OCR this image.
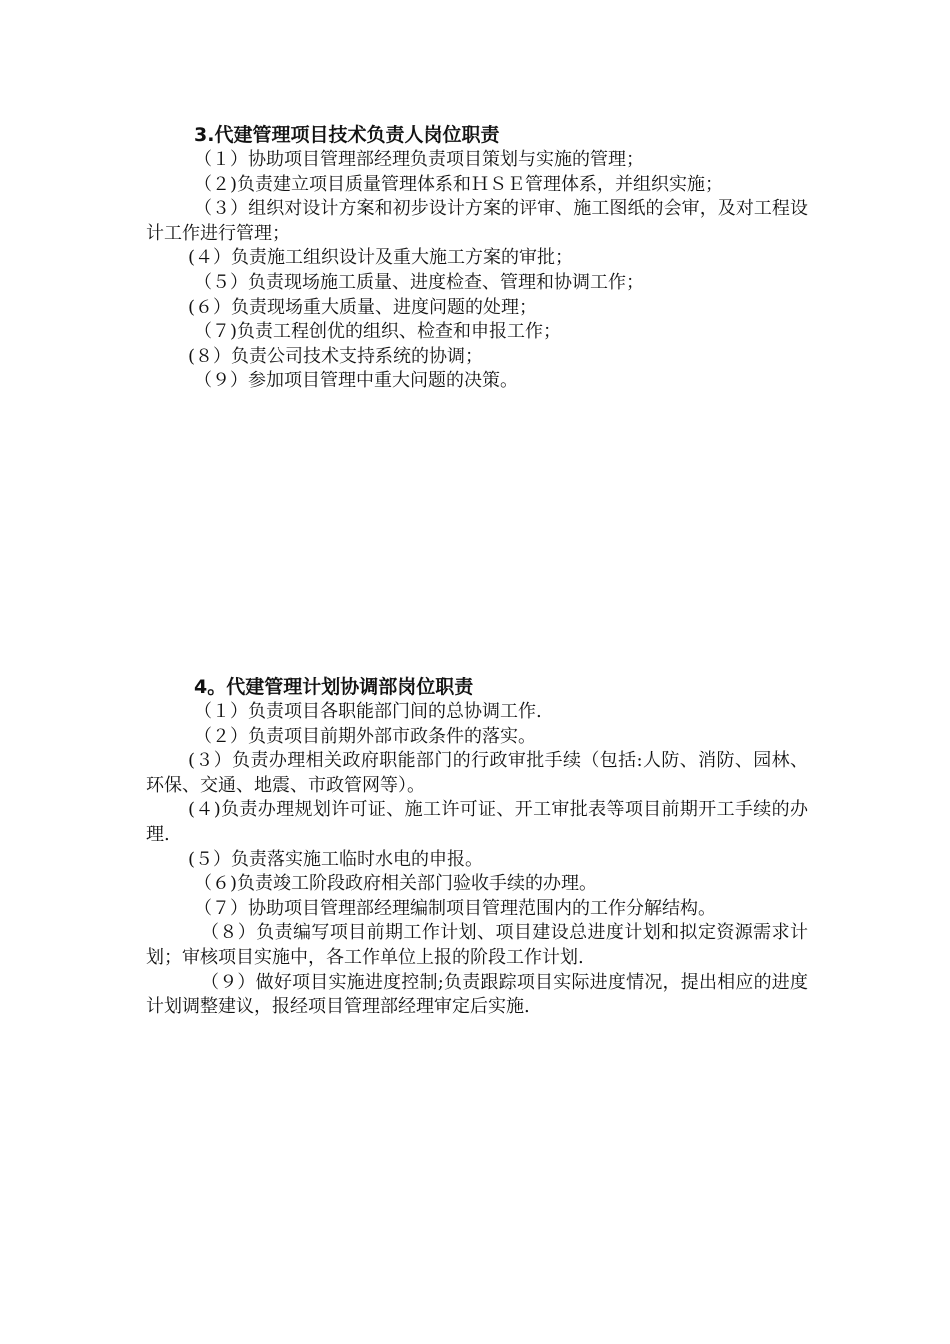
3.代建管理项目技术负责人岗位职责

（１）协助项目管理部经理负责项目策划与实施的管理；

（２)负责建立项目质量管理体系和ＨＳＥ管理体系，并组织实施；

（３）组织对设计方案和初步设计方案的评审、施工图纸的会审，及对工程设计工作进行管理；

(４）负责施工组织设计及重大施工方案的审批；

（５）负责现场施工质量、进度检查、管理和协调工作；

(６）负责现场重大质量、进度问题的处理；

（７)负责工程创优的组织、检查和申报工作；

(８）负责公司技术支持系统的协调；

（９）参加项目管理中重大问题的决策。

4。代建管理计划协调部岗位职责

（１）负责项目各职能部门间的总协调工作.

（２）负责项目前期外部市政条件的落实。

(３）负责办理相关政府职能部门的行政审批手续（包括:人防、消防、园林、环保、交通、地震、市政管网等）。

(４)负责办理规划许可证、施工许可证、开工审批表等项目前期开工手续的办理.

(５）负责落实施工临时水电的申报。

（６)负责竣工阶段政府相关部门验收手续的办理。

（７）协助项目管理部经理编制项目管理范围内的工作分解结构。

（８）负责编写项目前期工作计划、项目建设总进度计划和拟定资源需求计划；审核项目实施中，各工作单位上报的阶段工作计划.

（９）做好项目实施进度控制;负责跟踪项目实际进度情况，提出相应的进度计划调整建议，报经项目管理部经理审定后实施.
